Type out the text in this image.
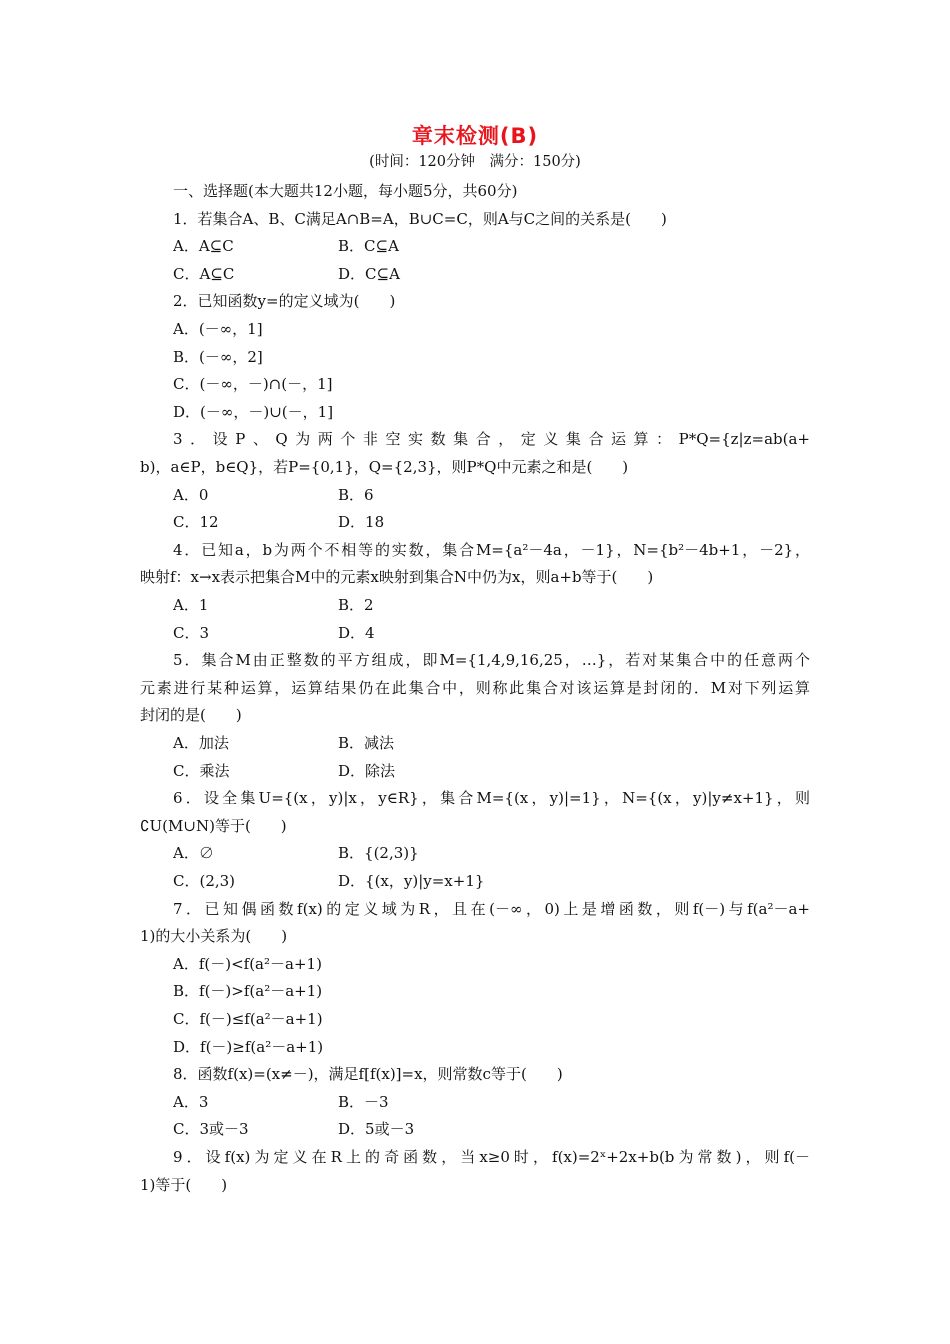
章末检测(B)
(时间：120分钟　满分：150分)
一、选择题(本大题共12小题，每小题5分，共60分)
1．若集合A、B、C满足A∩B=A，B∪C=C，则A与C之间的关系是(　　)
A．A⊆C	B．C⊆A
C．A⊆C	D．C⊆A
2．已知函数y=的定义域为(　　)
A．(－∞，1]
B．(－∞，2]
C．(－∞，－)∩(－，1]
D．(－∞，－)∪(－，1]
3．设P、Q为两个非空实数集合，定义集合运算：P*Q={z|z=ab(a+
b)，a∈P，b∈Q}，若P={0,1}，Q={2,3}，则P*Q中元素之和是(　　)
A．0	B．6
C．12	D．18
4．已知a，b为两个不相等的实数，集合M={a²－4a，－1}，N={b²－4b+1，－2}，
映射f：x→x表示把集合M中的元素x映射到集合N中仍为x，则a+b等于(　　)
A．1	B．2
C．3	D．4
5．集合M由正整数的平方组成，即M={1,4,9,16,25，…}，若对某集合中的任意两个
元素进行某种运算，运算结果仍在此集合中，则称此集合对该运算是封闭的．M对下列运算
封闭的是(　　)
A．加法	B．减法
C．乘法	D．除法
6．设全集U={(x，y)|x，y∈R}，集合M={(x，y)|=1}，N={(x，y)|y≠x+1}，则
∁U(M∪N)等于(　　)
A．∅	B．{(2,3)}
C．(2,3)	D．{(x，y)|y=x+1}
7．已知偶函数f(x)的定义域为R，且在(－∞，0)上是增函数，则f(－)与f(a²－a+
1)的大小关系为(　　)
A．f(－)<f(a²－a+1)
B．f(－)>f(a²－a+1)
C．f(－)≤f(a²－a+1)
D．f(－)≥f(a²－a+1)
8．函数f(x)=(x≠－)，满足f[f(x)]=x，则常数c等于(　　)
A．3	B．－3
C．3或－3	D．5或－3
9．设f(x)为定义在R上的奇函数，当x≥0时，f(x)=2ˣ+2x+b(b为常数)，则f(－
1)等于(　　)
